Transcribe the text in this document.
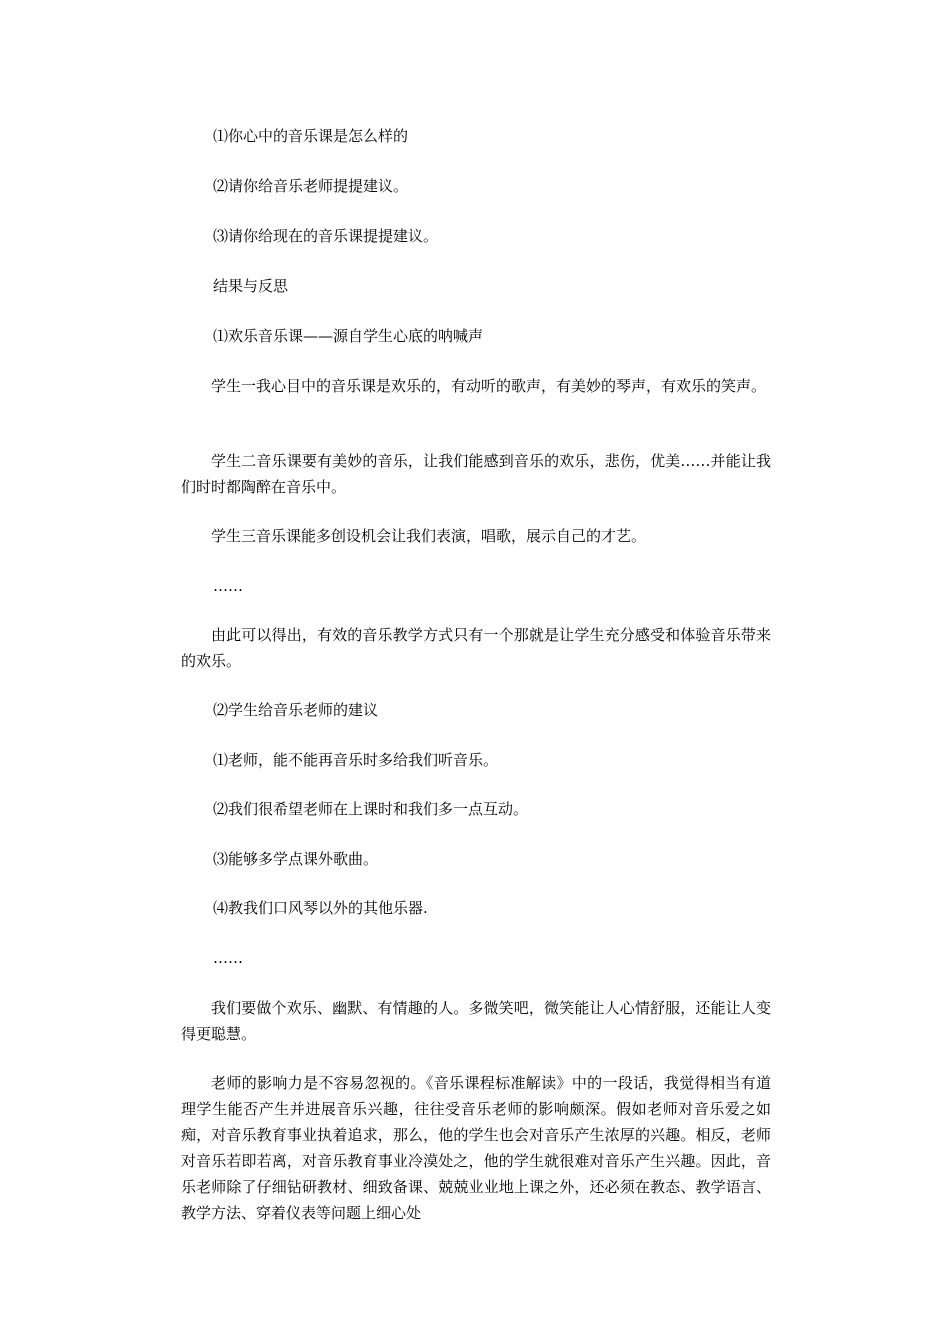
⑴你心中的音乐课是怎么样的

⑵请你给音乐老师提提建议。

⑶请你给现在的音乐课提提建议。

结果与反思

⑴欢乐音乐课——源自学生心底的呐喊声

学生一我心目中的音乐课是欢乐的，有动听的歌声，有美妙的琴声，有欢乐的笑声。

学生二音乐课要有美妙的音乐，让我们能感到音乐的欢乐，悲伤，优美……并能让我们时时都陶醉在音乐中。

学生三音乐课能多创设机会让我们表演，唱歌，展示自己的才艺。

……

由此可以得出，有效的音乐教学方式只有一个那就是让学生充分感受和体验音乐带来的欢乐。

⑵学生给音乐老师的建议

⑴老师，能不能再音乐时多给我们听音乐。

⑵我们很希望老师在上课时和我们多一点互动。

⑶能够多学点课外歌曲。

⑷教我们口风琴以外的其他乐器.

……

我们要做个欢乐、幽默、有情趣的人。多微笑吧，微笑能让人心情舒服，还能让人变得更聪慧。

老师的影响力是不容易忽视的。《音乐课程标准解读》中的一段话，我觉得相当有道理学生能否产生并进展音乐兴趣，往往受音乐老师的影响颇深。假如老师对音乐爱之如痴，对音乐教育事业执着追求，那么，他的学生也会对音乐产生浓厚的兴趣。相反，老师对音乐若即若离，对音乐教育事业冷漠处之，他的学生就很难对音乐产生兴趣。因此，音乐老师除了仔细钻研教材、细致备课、兢兢业业地上课之外，还必须在教态、教学语言、教学方法、穿着仪表等问题上细心处
